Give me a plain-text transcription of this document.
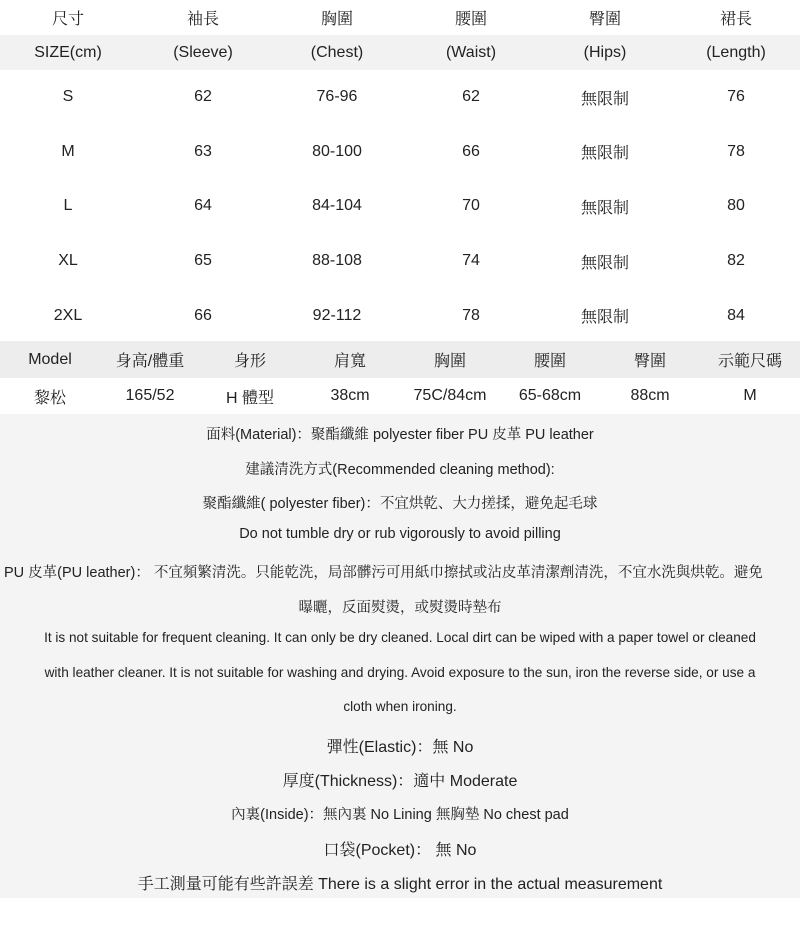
尺寸	袖長	胸圍	腰圍	臀圍	裙長
SIZE(cm)	(Sleeve)	(Chest)	(Waist)	(Hips)	(Length)
S	62	76-96	62	無限制	76
M	63	80-100	66	無限制	78
L	64	84-104	70	無限制	80
XL	65	88-108	74	無限制	82
2XL	66	92-112	78	無限制	84
Model	身高/體重	身形	肩寬	胸圍	腰圍	臀圍	示範尺碼
黎松	165/52	H 體型	38cm	75C/84cm	65-68cm	88cm	M
面料(Material)：聚酯纖維 polyester fiber PU 皮革 PU leather
建議清洗方式(Recommended cleaning method):
聚酯纖維( polyester fiber)：不宜烘乾、大力搓揉，避免起毛球
Do not tumble dry or rub vigorously to avoid pilling
PU 皮革(PU leather)： 不宜頻繁清洗。只能乾洗，局部髒污可用紙巾擦拭或沾皮革清潔劑清洗，不宜水洗與烘乾。避免
曝曬，反面熨燙，或熨燙時墊布
It is not suitable for frequent cleaning. It can only be dry cleaned. Local dirt can be wiped with a paper towel or cleaned
with leather cleaner. It is not suitable for washing and drying. Avoid exposure to the sun, iron the reverse side, or use a
cloth when ironing.
彈性(Elastic)：無 No
厚度(Thickness)：適中 Moderate
內裏(Inside)：無內裏 No Lining 無胸墊 No chest pad
口袋(Pocket)： 無 No
手工測量可能有些許誤差 There is a slight error in the actual measurement
